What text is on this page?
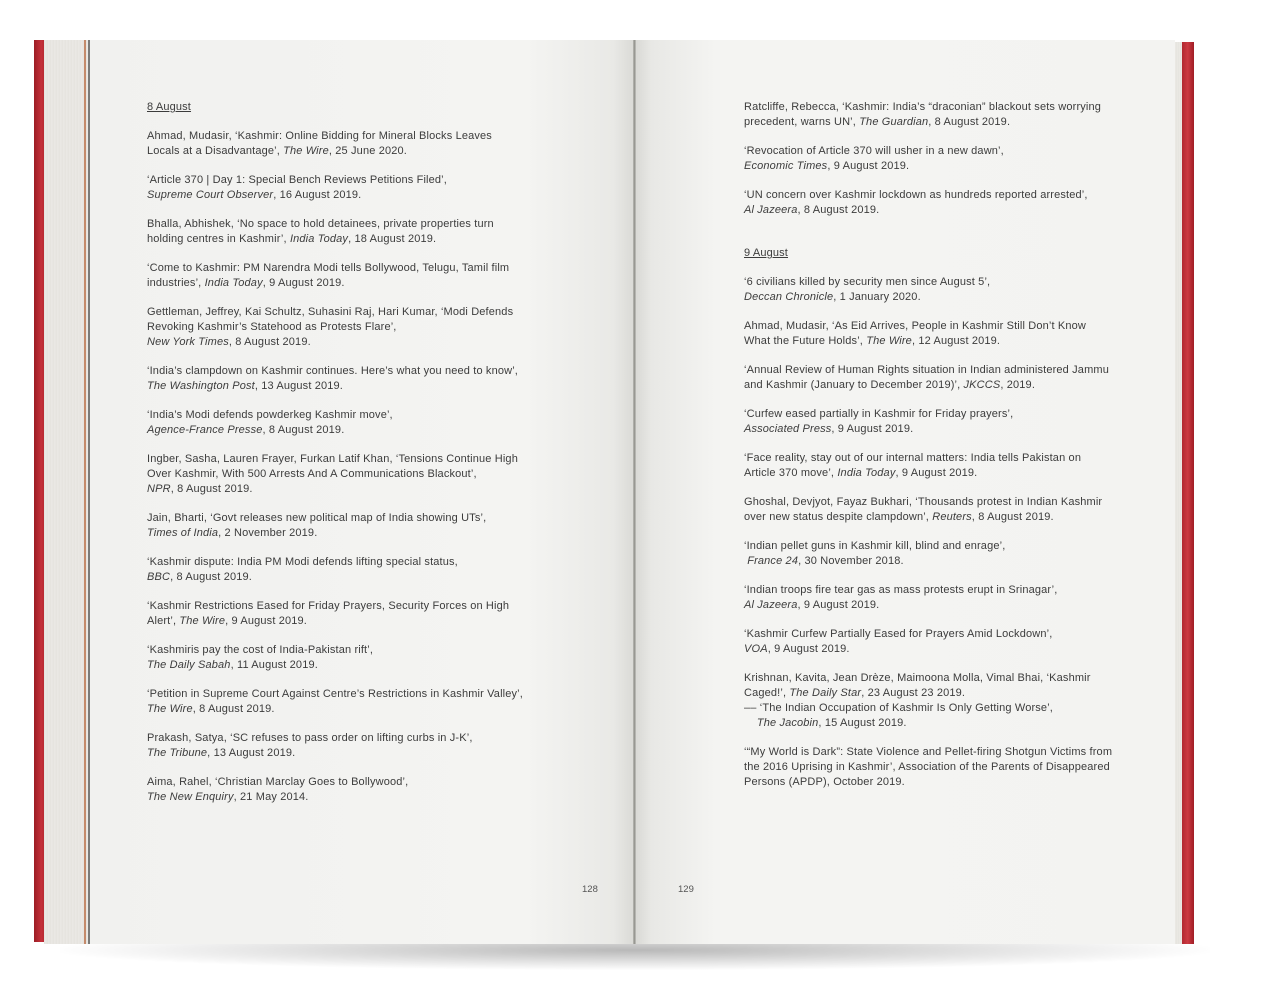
8 August

Ahmad, Mudasir, ‘Kashmir: Online Bidding for Mineral Blocks Leaves
Locals at a Disadvantage’, The Wire, 25 June 2020.

‘Article 370 | Day 1: Special Bench Reviews Petitions Filed’,
Supreme Court Observer, 16 August 2019.

Bhalla, Abhishek, ‘No space to hold detainees, private properties turn
holding centres in Kashmir’, India Today, 18 August 2019.

‘Come to Kashmir: PM Narendra Modi tells Bollywood, Telugu, Tamil film
industries’, India Today, 9 August 2019.

Gettleman, Jeffrey, Kai Schultz, Suhasini Raj, Hari Kumar, ‘Modi Defends
Revoking Kashmir’s Statehood as Protests Flare’,
New York Times, 8 August 2019.

‘India’s clampdown on Kashmir continues. Here’s what you need to know’,
The Washington Post, 13 August 2019.

‘India’s Modi defends powderkeg Kashmir move’,
Agence-France Presse, 8 August 2019.

Ingber, Sasha, Lauren Frayer, Furkan Latif Khan, ‘Tensions Continue High
Over Kashmir, With 500 Arrests And A Communications Blackout’,
NPR, 8 August 2019.

Jain, Bharti, ‘Govt releases new political map of India showing UTs’,
Times of India, 2 November 2019.

‘Kashmir dispute: India PM Modi defends lifting special status,
BBC, 8 August 2019.

‘Kashmir Restrictions Eased for Friday Prayers, Security Forces on High
Alert’, The Wire, 9 August 2019.

‘Kashmiris pay the cost of India-Pakistan rift’,
The Daily Sabah, 11 August 2019.

‘Petition in Supreme Court Against Centre’s Restrictions in Kashmir Valley’,
The Wire, 8 August 2019.

Prakash, Satya, ‘SC refuses to pass order on lifting curbs in J-K’,
The Tribune, 13 August 2019.

Aima, Rahel, ‘Christian Marclay Goes to Bollywood’,
The New Enquiry, 21 May 2014.

Ratcliffe, Rebecca, ‘Kashmir: India’s “draconian” blackout sets worrying
precedent, warns UN’, The Guardian, 8 August 2019.

‘Revocation of Article 370 will usher in a new dawn’,
Economic Times, 9 August 2019.

‘UN concern over Kashmir lockdown as hundreds reported arrested’,
Al Jazeera, 8 August 2019.

9 August

‘6 civilians killed by security men since August 5’,
Deccan Chronicle, 1 January 2020.

Ahmad, Mudasir, ‘As Eid Arrives, People in Kashmir Still Don’t Know
What the Future Holds’, The Wire, 12 August 2019.

‘Annual Review of Human Rights situation in Indian administered Jammu
and Kashmir (January to December 2019)’, JKCCS, 2019.

‘Curfew eased partially in Kashmir for Friday prayers’,
Associated Press, 9 August 2019.

‘Face reality, stay out of our internal matters: India tells Pakistan on
Article 370 move’, India Today, 9 August 2019.

Ghoshal, Devjyot, Fayaz Bukhari, ‘Thousands protest in Indian Kashmir
over new status despite clampdown’, Reuters, 8 August 2019.

‘Indian pellet guns in Kashmir kill, blind and enrage’,
France 24, 30 November 2018.

‘Indian troops fire tear gas as mass protests erupt in Srinagar’,
Al Jazeera, 9 August 2019.

‘Kashmir Curfew Partially Eased for Prayers Amid Lockdown’,
VOA, 9 August 2019.

Krishnan, Kavita, Jean Drèze, Maimoona Molla, Vimal Bhai, ‘Kashmir
Caged!’, The Daily Star, 23 August 23 2019.
–– ‘The Indian Occupation of Kashmir Is Only Getting Worse’,
The Jacobin, 15 August 2019.

‘“My World is Dark”: State Violence and Pellet-firing Shotgun Victims from
the 2016 Uprising in Kashmir’, Association of the Parents of Disappeared
Persons (APDP), October 2019.

128	129
